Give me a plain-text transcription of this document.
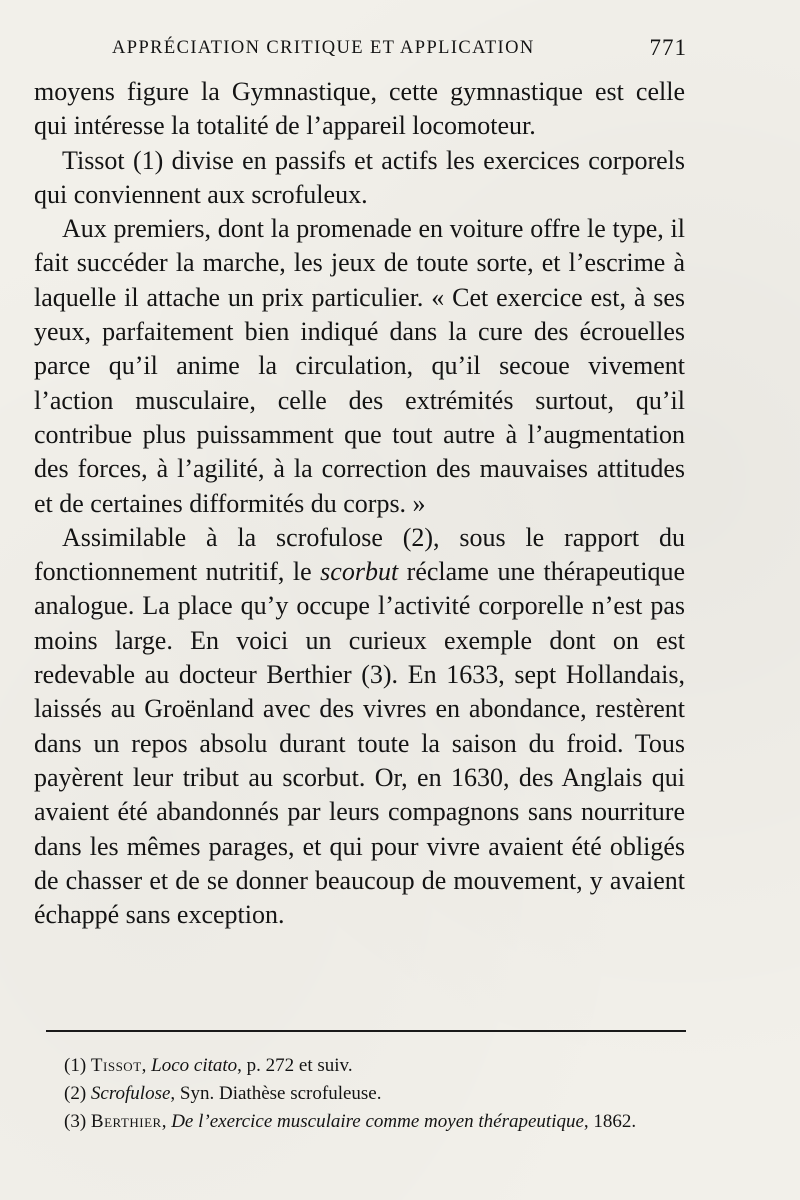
APPRÉCIATION CRITIQUE ET APPLICATION	771

moyens figure la Gymnastique, cette gymnastique est celle qui intéresse la totalité de l’appareil locomoteur.

Tissot (1) divise en passifs et actifs les exercices corporels qui conviennent aux scrofuleux.

Aux premiers, dont la promenade en voiture offre le type, il fait succéder la marche, les jeux de toute sorte, et l’escrime à laquelle il attache un prix particulier. « Cet exercice est, à ses yeux, parfaitement bien indiqué dans la cure des écrouelles parce qu’il anime la circulation, qu’il secoue vivement l’action musculaire, celle des extrémités surtout, qu’il contribue plus puissamment que tout autre à l’augmentation des forces, à l’agilité, à la correction des mauvaises attitudes et de certaines difformités du corps. »

Assimilable à la scrofulose (2), sous le rapport du fonctionnement nutritif, le scorbut réclame une thérapeutique analogue. La place qu’y occupe l’activité corporelle n’est pas moins large. En voici un curieux exemple dont on est redevable au docteur Berthier (3). En 1633, sept Hollandais, laissés au Groënland avec des vivres en abondance, restèrent dans un repos absolu durant toute la saison du froid. Tous payèrent leur tribut au scorbut. Or, en 1630, des Anglais qui avaient été abandonnés par leurs compagnons sans nourriture dans les mêmes parages, et qui pour vivre avaient été obligés de chasser et de se donner beaucoup de mouvement, y avaient échappé sans exception.

(1) Tissot, Loco citato, p. 272 et suiv.

(2) Scrofulose, Syn. Diathèse scrofuleuse.

(3) Berthier, De l’exercice musculaire comme moyen thérapeutique, 1862.
